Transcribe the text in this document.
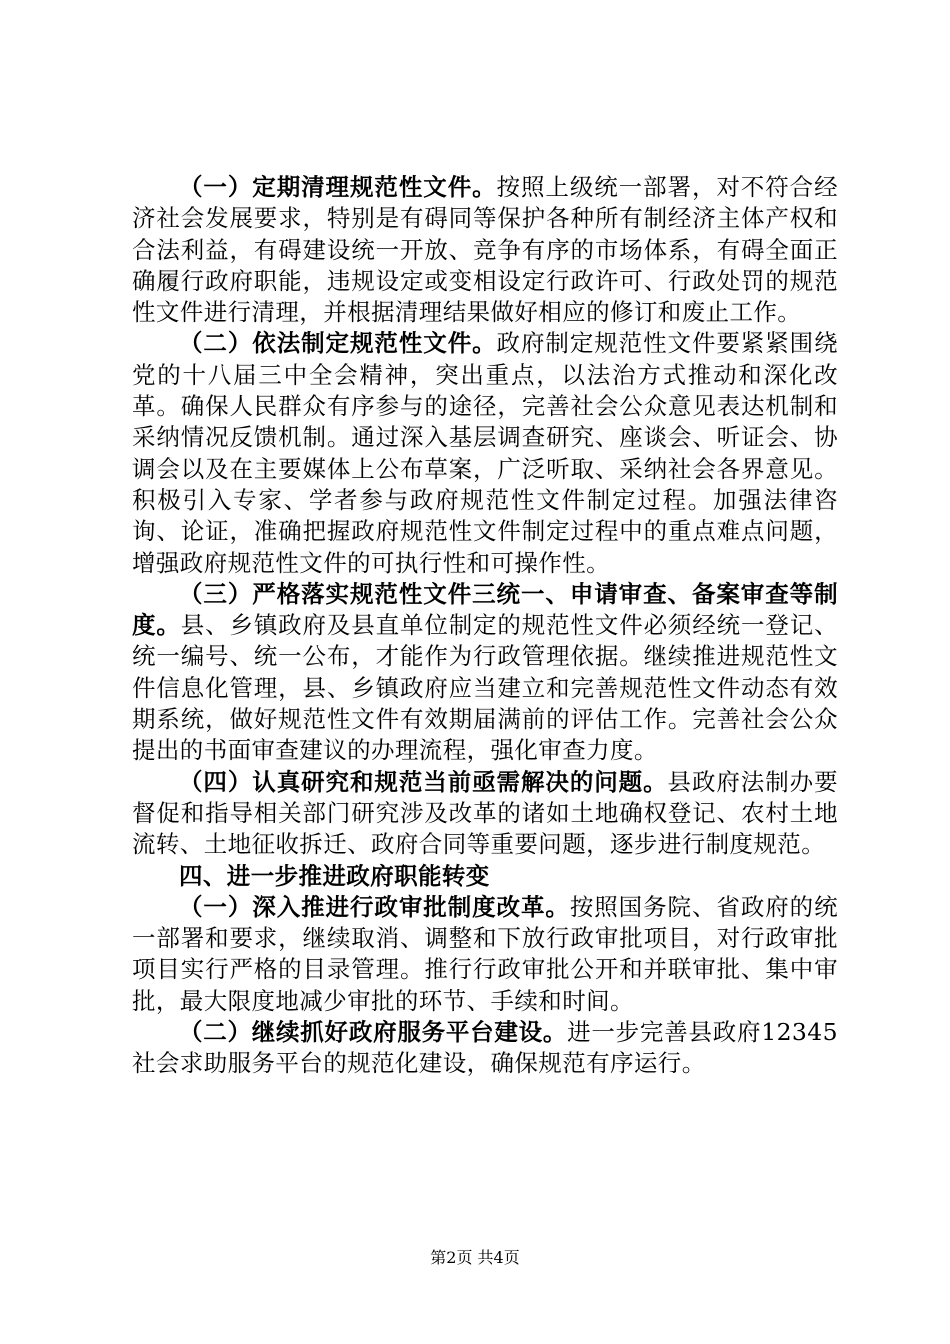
（一）定期清理规范性文件。按照上级统一部署，对不符合经济社会发展要求，特别是有碍同等保护各种所有制经济主体产权和合法利益，有碍建设统一开放、竞争有序的市场体系，有碍全面正确履行政府职能，违规设定或变相设定行政许可、行政处罚的规范性文件进行清理，并根据清理结果做好相应的修订和废止工作。

（二）依法制定规范性文件。政府制定规范性文件要紧紧围绕党的十八届三中全会精神，突出重点，以法治方式推动和深化改革。确保人民群众有序参与的途径，完善社会公众意见表达机制和采纳情况反馈机制。通过深入基层调查研究、座谈会、听证会、协调会以及在主要媒体上公布草案，广泛听取、采纳社会各界意见。积极引入专家、学者参与政府规范性文件制定过程。加强法律咨询、论证，准确把握政府规范性文件制定过程中的重点难点问题，增强政府规范性文件的可执行性和可操作性。

（三）严格落实规范性文件三统一、申请审查、备案审查等制度。县、乡镇政府及县直单位制定的规范性文件必须经统一登记、统一编号、统一公布，才能作为行政管理依据。继续推进规范性文件信息化管理，县、乡镇政府应当建立和完善规范性文件动态有效期系统，做好规范性文件有效期届满前的评估工作。完善社会公众提出的书面审查建议的办理流程，强化审查力度。

（四）认真研究和规范当前亟需解决的问题。县政府法制办要督促和指导相关部门研究涉及改革的诸如土地确权登记、农村土地流转、土地征收拆迁、政府合同等重要问题，逐步进行制度规范。

四、进一步推进政府职能转变

（一）深入推进行政审批制度改革。按照国务院、省政府的统一部署和要求，继续取消、调整和下放行政审批项目，对行政审批项目实行严格的目录管理。推行行政审批公开和并联审批、集中审批，最大限度地减少审批的环节、手续和时间。

（二）继续抓好政府服务平台建设。进一步完善县政府12345社会求助服务平台的规范化建设，确保规范有序运行。

第2页 共4页
